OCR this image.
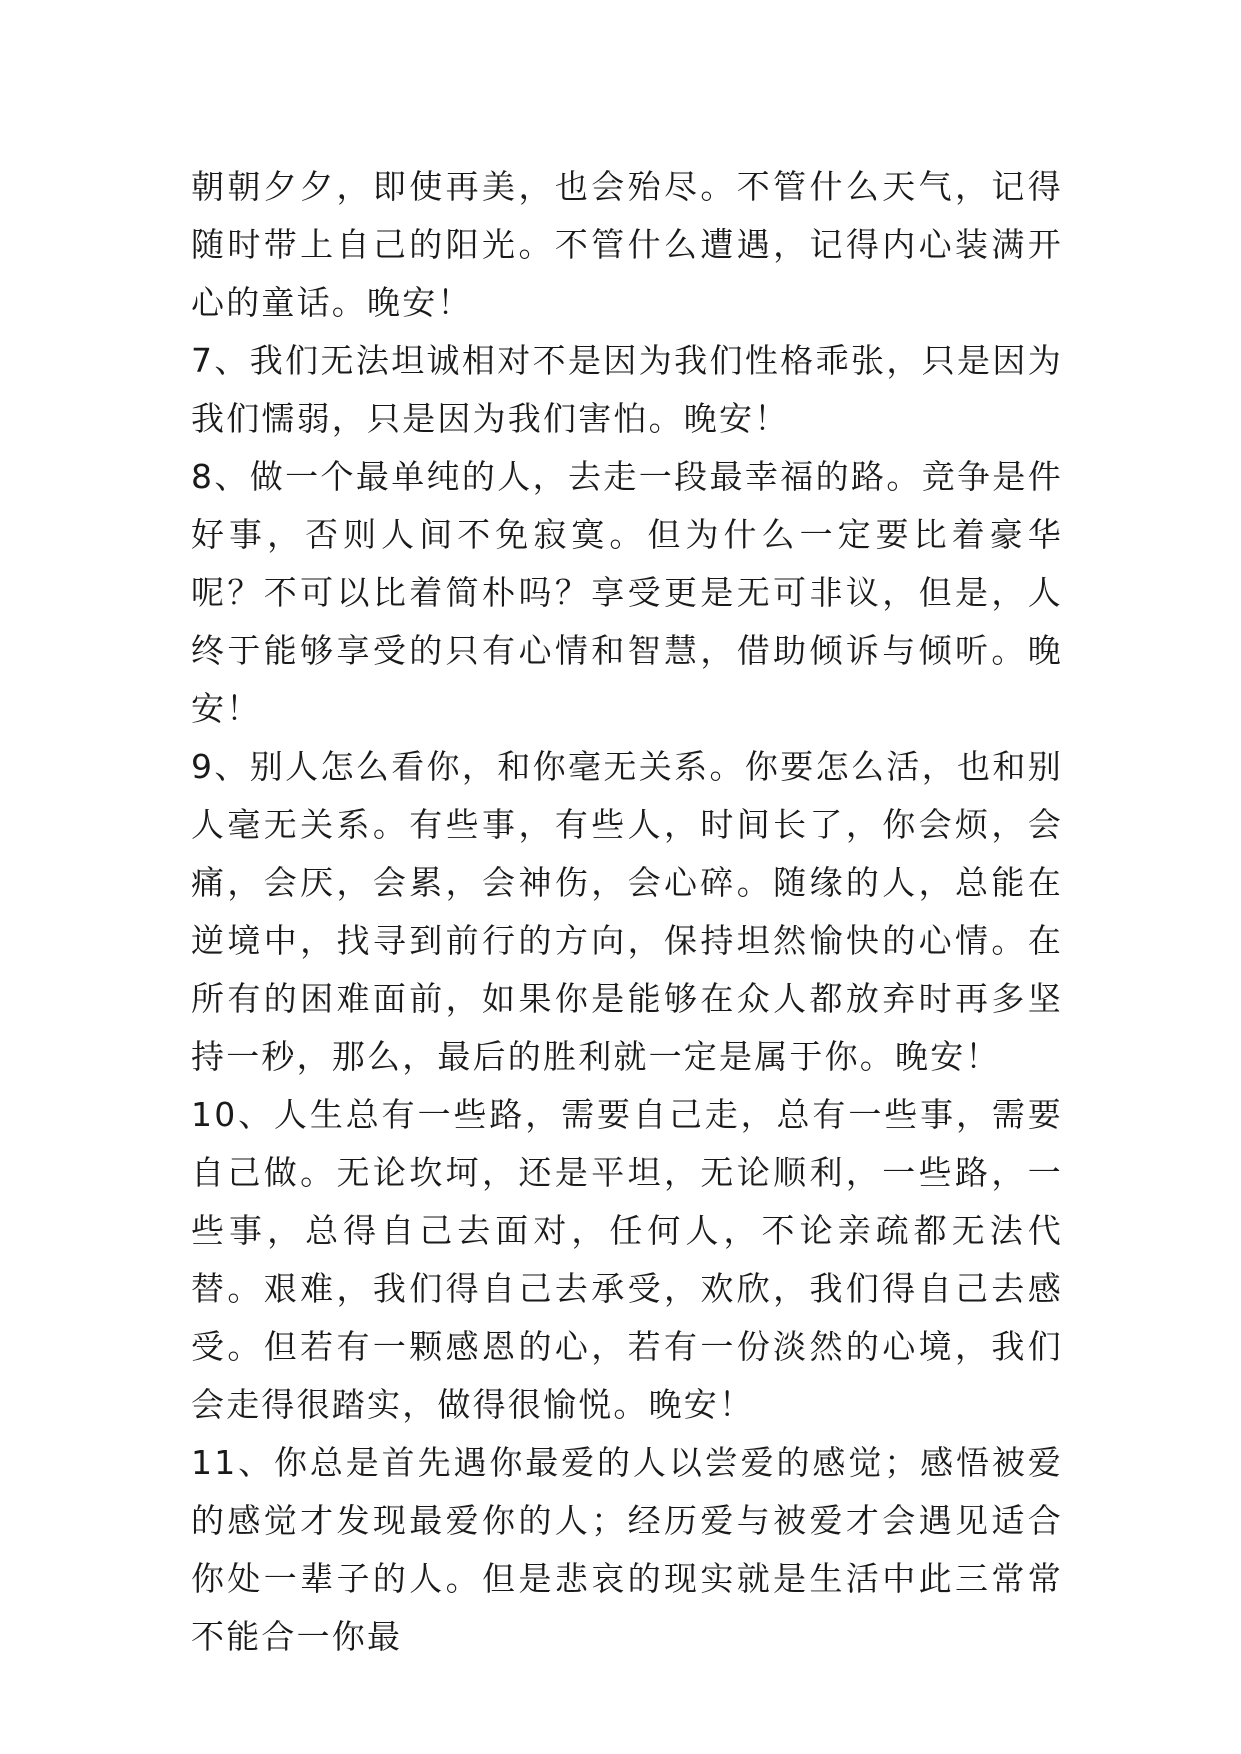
朝朝夕夕，即使再美，也会殆尽。不管什么天气，记得随时带上自己的阳光。不管什么遭遇，记得内心装满开心的童话。晚安！

7、我们无法坦诚相对不是因为我们性格乖张，只是因为我们懦弱，只是因为我们害怕。晚安！

8、做一个最单纯的人，去走一段最幸福的路。竞争是件好事，否则人间不免寂寞。但为什么一定要比着豪华呢？不可以比着简朴吗？享受更是无可非议，但是，人终于能够享受的只有心情和智慧，借助倾诉与倾听。晚安！

9、别人怎么看你，和你毫无关系。你要怎么活，也和别人毫无关系。有些事，有些人，时间长了，你会烦，会痛，会厌，会累，会神伤，会心碎。随缘的人，总能在逆境中，找寻到前行的方向，保持坦然愉快的心情。在所有的困难面前，如果你是能够在众人都放弃时再多坚持一秒，那么，最后的胜利就一定是属于你。晚安！

10、人生总有一些路，需要自己走，总有一些事，需要自己做。无论坎坷，还是平坦，无论顺利，一些路，一些事，总得自己去面对，任何人，不论亲疏都无法代替。艰难，我们得自己去承受，欢欣，我们得自己去感受。但若有一颗感恩的心，若有一份淡然的心境，我们会走得很踏实，做得很愉悦。晚安！

11、你总是首先遇你最爱的人以尝爱的感觉；感悟被爱的感觉才发现最爱你的人；经历爱与被爱才会遇见适合你处一辈子的人。但是悲哀的现实就是生活中此三常常不能合一你最
